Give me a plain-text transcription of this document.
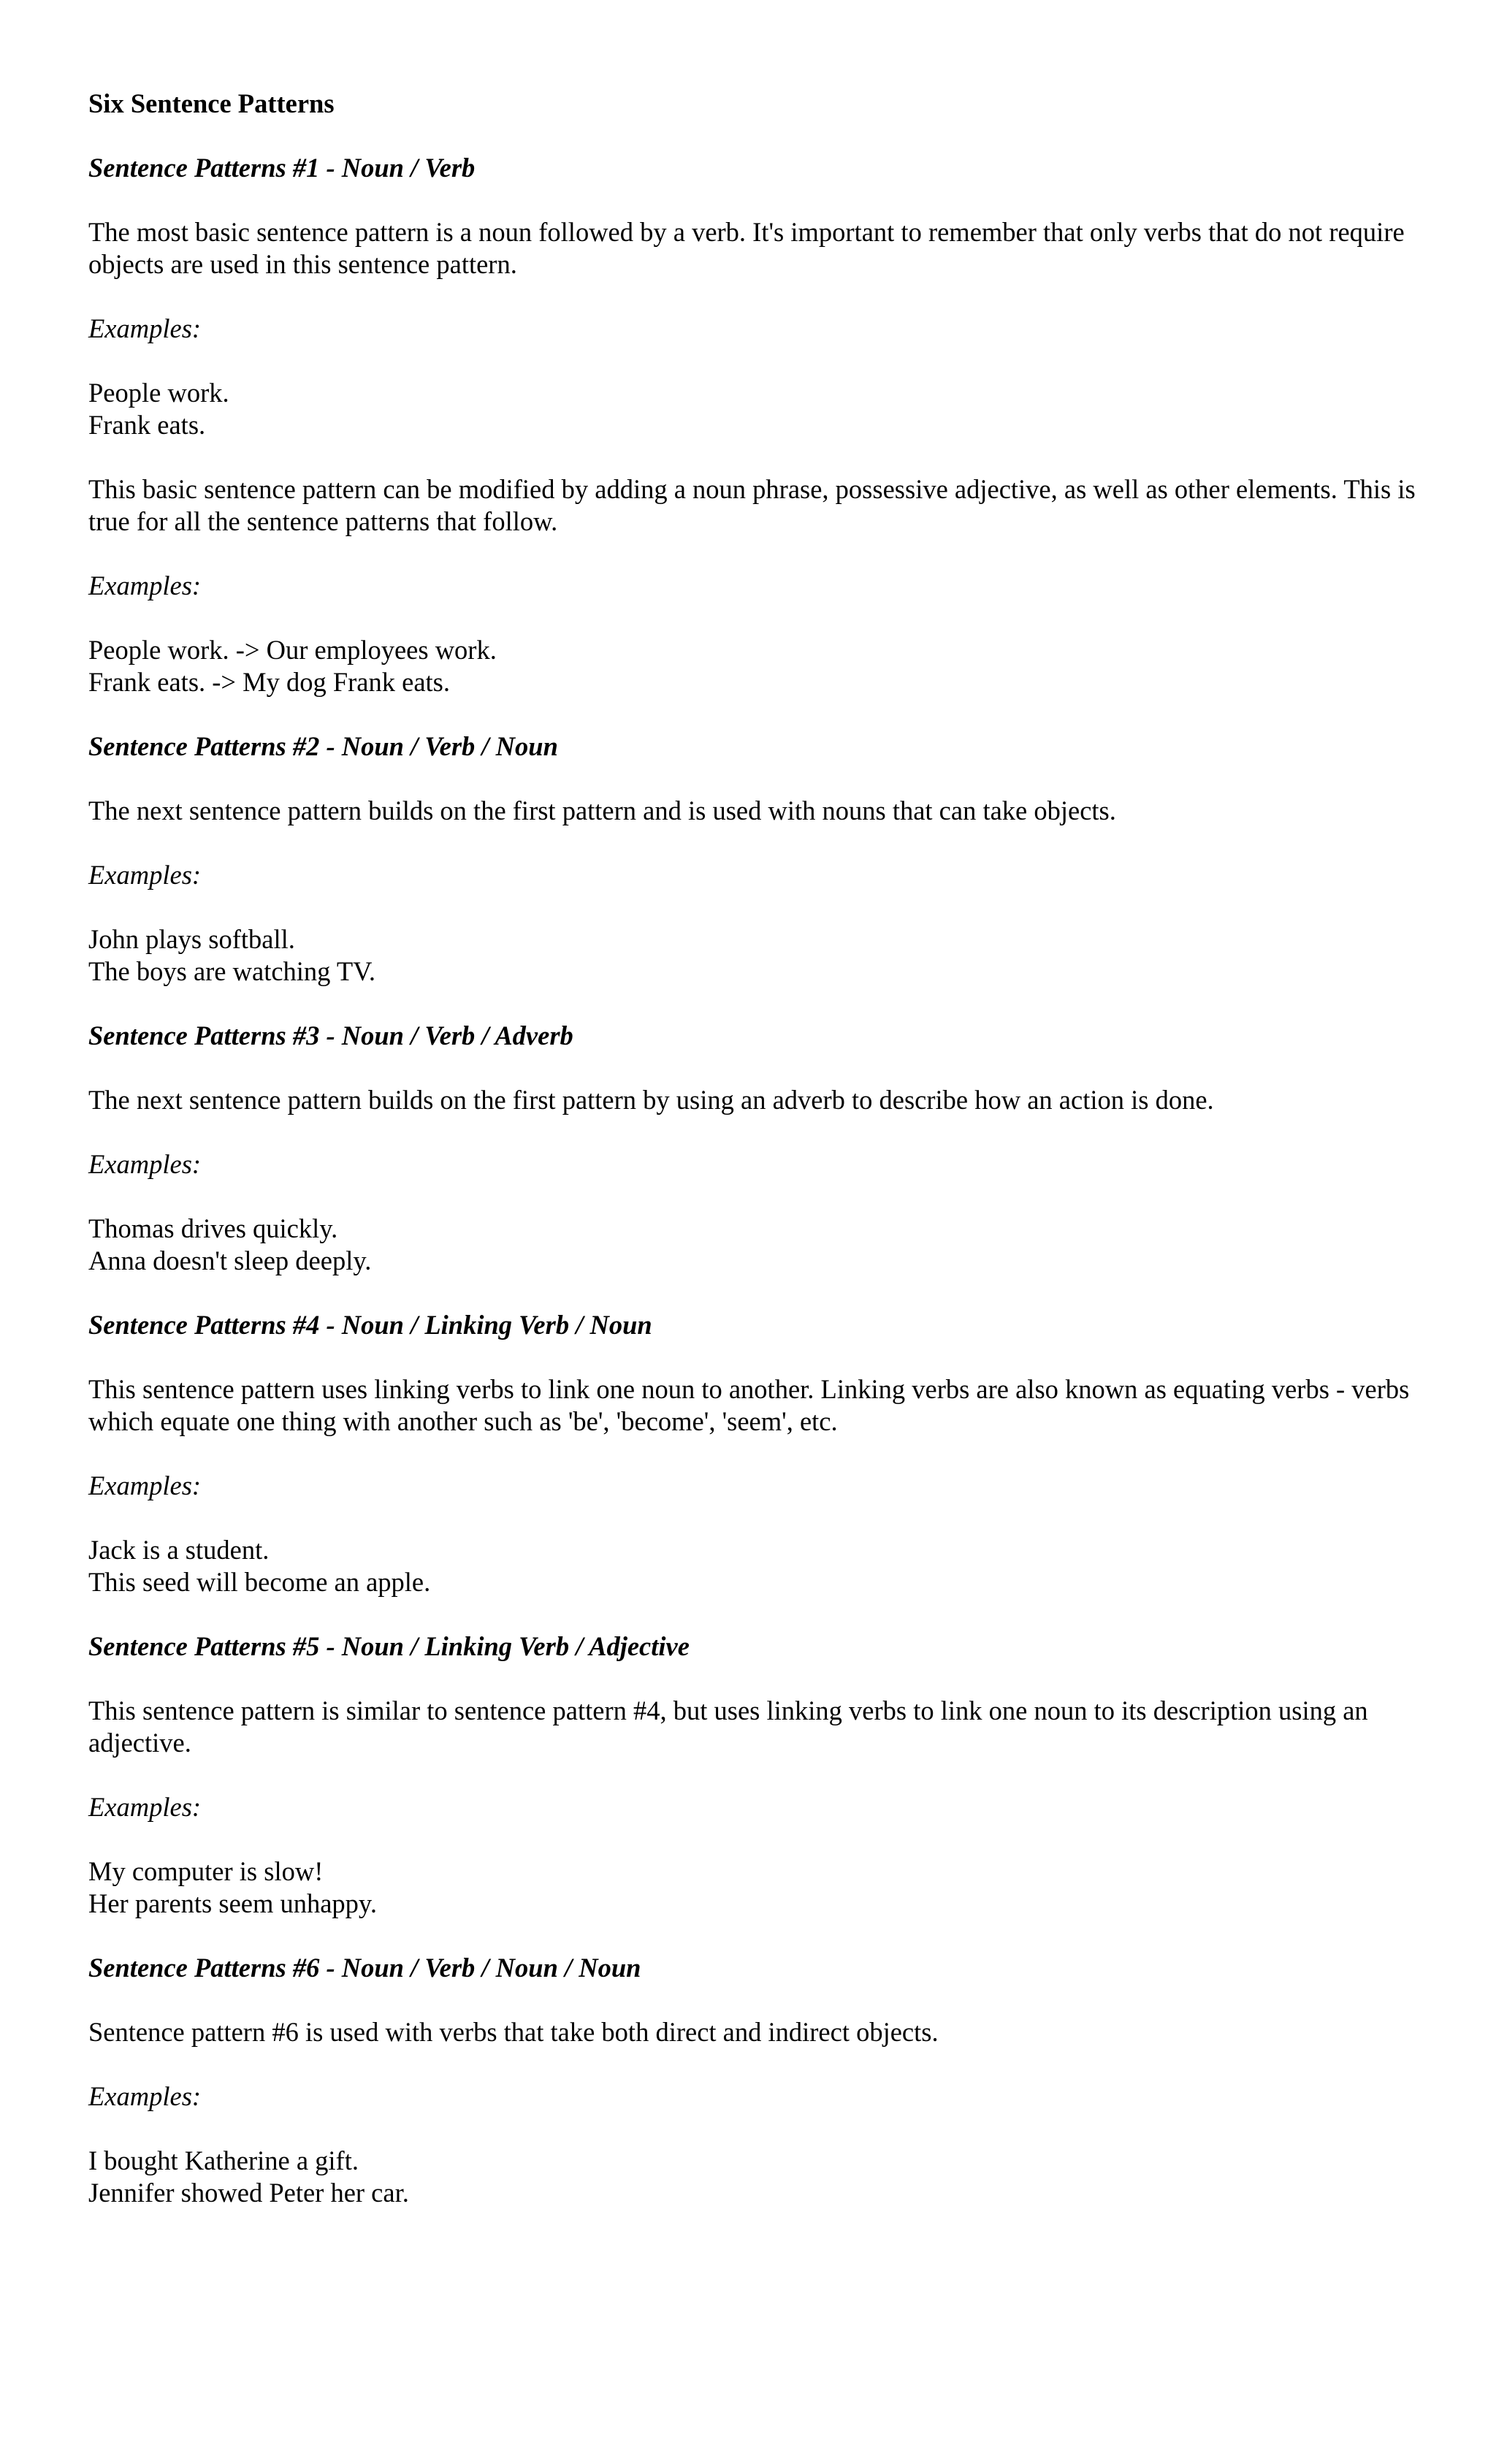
Six Sentence Patterns
Sentence Patterns #1 - Noun / Verb
The most basic sentence pattern is a noun followed by a verb. It's important to remember that only verbs that do not require objects are used in this sentence pattern.
Examples:
People work.
Frank eats.
This basic sentence pattern can be modified by adding a noun phrase, possessive adjective, as well as other elements. This is true for all the sentence patterns that follow.
Examples:
People work. -> Our employees work.
Frank eats. -> My dog Frank eats.
Sentence Patterns #2 - Noun / Verb / Noun
The next sentence pattern builds on the first pattern and is used with nouns that can take objects.
Examples:
John plays softball.
The boys are watching TV.
Sentence Patterns #3 - Noun / Verb / Adverb
The next sentence pattern builds on the first pattern by using an adverb to describe how an action is done.
Examples:
Thomas drives quickly.
Anna doesn't sleep deeply.
Sentence Patterns #4 - Noun / Linking Verb / Noun
This sentence pattern uses linking verbs to link one noun to another. Linking verbs are also known as equating verbs - verbs which equate one thing with another such as 'be', 'become', 'seem', etc.
Examples:
Jack is a student.
This seed will become an apple.
Sentence Patterns #5 - Noun / Linking Verb / Adjective
This sentence pattern is similar to sentence pattern #4, but uses linking verbs to link one noun to its description using an adjective.
Examples:
My computer is slow!
Her parents seem unhappy.
Sentence Patterns #6 - Noun / Verb / Noun / Noun
Sentence pattern #6 is used with verbs that take both direct and indirect objects.
Examples:
I bought Katherine a gift.
Jennifer showed Peter her car.
